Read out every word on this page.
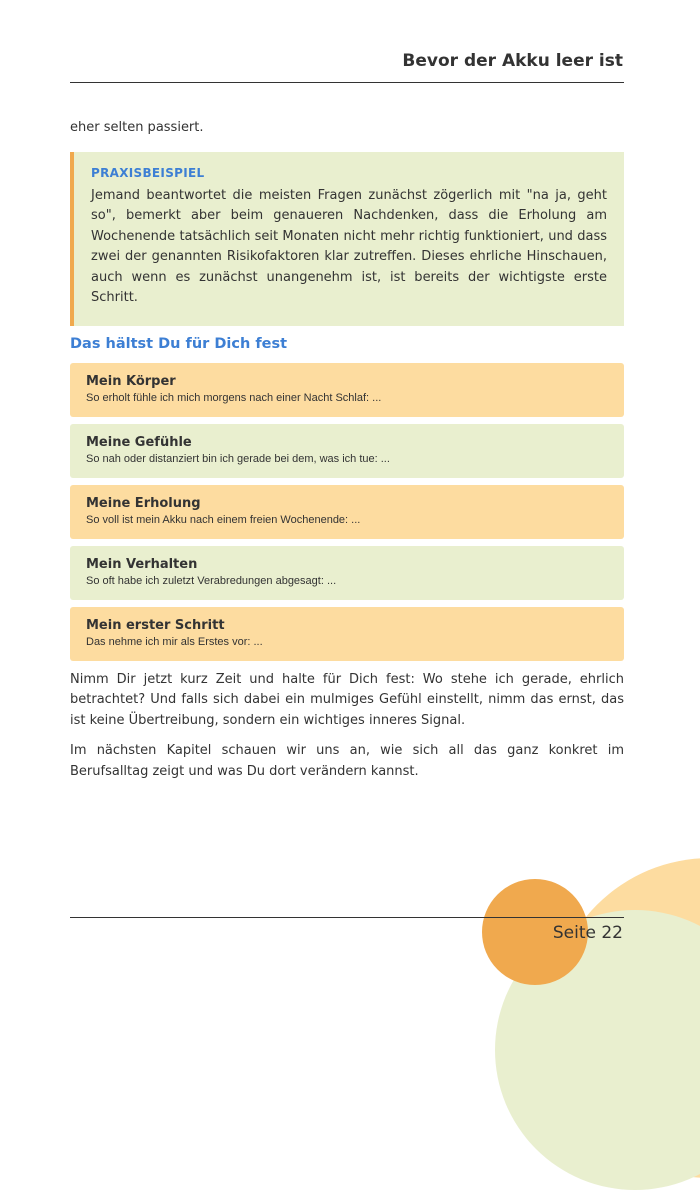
Bevor der Akku leer ist

eher selten passiert.

PRAXISBEISPIEL

Jemand beantwortet die meisten Fragen zunächst zögerlich mit "na ja, geht so", bemerkt aber beim genaueren Nachdenken, dass die Erholung am Wochenende tatsächlich seit Monaten nicht mehr richtig funktioniert, und dass zwei der genannten Risikofaktoren klar zutreffen. Dieses ehrliche Hinschauen, auch wenn es zunächst unangenehm ist, ist bereits der wichtigste erste Schritt.

Das hältst Du für Dich fest
Mein Körper
So erholt fühle ich mich morgens nach einer Nacht Schlaf: ...
Meine Gefühle
So nah oder distanziert bin ich gerade bei dem, was ich tue: ...
Meine Erholung
So voll ist mein Akku nach einem freien Wochenende: ...
Mein Verhalten
So oft habe ich zuletzt Verabredungen abgesagt: ...
Mein erster Schritt
Das nehme ich mir als Erstes vor: ...

Nimm Dir jetzt kurz Zeit und halte für Dich fest: Wo stehe ich gerade, ehrlich betrachtet? Und falls sich dabei ein mulmiges Gefühl einstellt, nimm das ernst, das ist keine Übertreibung, sondern ein wichtiges inneres Signal.

Im nächsten Kapitel schauen wir uns an, wie sich all das ganz konkret im Berufsalltag zeigt und was Du dort verändern kannst.

Seite 22
